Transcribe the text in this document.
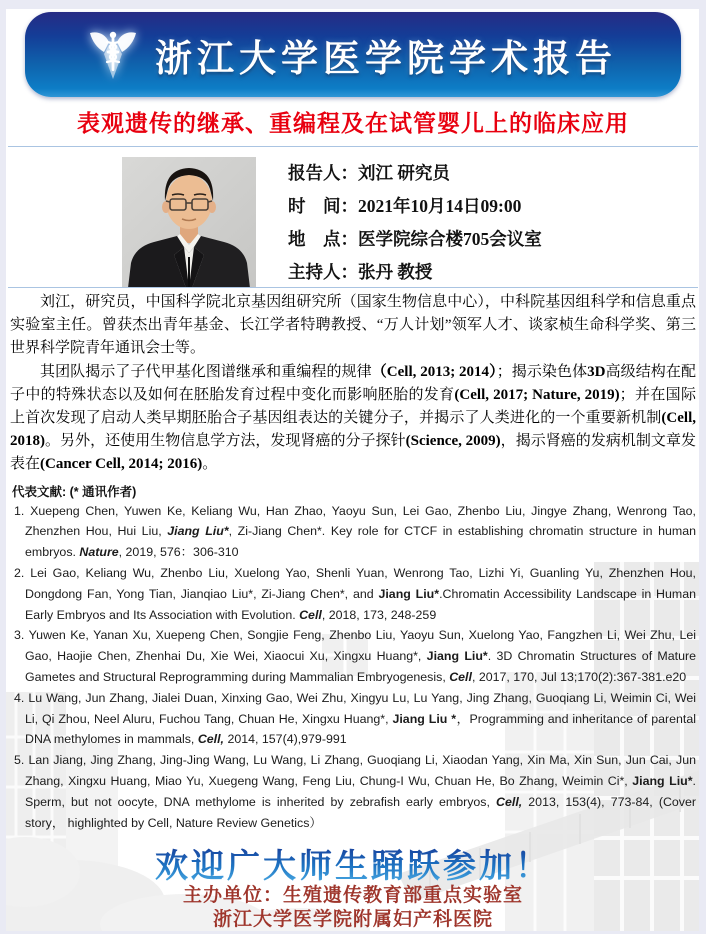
浙江大学医学院学术报告
表观遗传的继承、重编程及在试管婴儿上的临床应用
报告人：刘江 研究员
时　间：2021年10月14日09:00
地　点：医学院综合楼705会议室
主持人：张丹 教授

刘江，研究员，中国科学院北京基因组研究所（国家生物信息中心），中科院基因组科学和信息重点实验室主任。曾获杰出青年基金、长江学者特聘教授、“万人计划”领军人才、谈家桢生命科学奖、第三世界科学院青年通讯会士等。

其团队揭示了子代甲基化图谱继承和重编程的规律（Cell, 2013; 2014）；揭示染色体3D高级结构在配子中的特殊状态以及如何在胚胎发育过程中变化而影响胚胎的发育(Cell, 2017; Nature, 2019)；并在国际上首次发现了启动人类早期胚胎合子基因组表达的关键分子，并揭示了人类进化的一个重要新机制(Cell, 2018)。另外，还使用生物信息学方法，发现肾癌的分子探针(Science, 2009)，揭示肾癌的发病机制文章发表在(Cancer Cell, 2014; 2016)。

代表文献: (* 通讯作者)
1. Xuepeng Chen, Yuwen Ke, Keliang Wu, Han Zhao, Yaoyu Sun, Lei Gao, Zhenbo Liu, Jingye Zhang, Wenrong Tao, Zhenzhen Hou, Hui Liu, Jiang Liu*, Zi-Jiang Chen*. Key role for CTCF in establishing chromatin structure in human embryos. Nature, 2019, 576：306-310
2. Lei Gao, Keliang Wu, Zhenbo Liu, Xuelong Yao, Shenli Yuan, Wenrong Tao, Lizhi Yi, Guanling Yu, Zhenzhen Hou, Dongdong Fan, Yong Tian, Jianqiao Liu*, Zi-Jiang Chen*, and Jiang Liu*.Chromatin Accessibility Landscape in Human Early Embryos and Its Association with Evolution. Cell, 2018, 173, 248-259
3. Yuwen Ke, Yanan Xu, Xuepeng Chen, Songjie Feng, Zhenbo Liu, Yaoyu Sun, Xuelong Yao, Fangzhen Li, Wei Zhu, Lei Gao, Haojie Chen, Zhenhai Du, Xie Wei, Xiaocui Xu, Xingxu Huang*, Jiang Liu*. 3D Chromatin Structures of Mature Gametes and Structural Reprogramming during Mammalian Embryogenesis, Cell, 2017, 170, Jul 13;170(2):367-381.e20
4. Lu Wang, Jun Zhang, Jialei Duan, Xinxing Gao, Wei Zhu, Xingyu Lu, Lu Yang, Jing Zhang, Guoqiang Li, Weimin Ci, Wei Li, Qi Zhou, Neel Aluru, Fuchou Tang, Chuan He, Xingxu Huang*, Jiang Liu *，Programming and inheritance of parental DNA methylomes in mammals, Cell, 2014, 157(4),979-991
5. Lan Jiang, Jing Zhang, Jing-Jing Wang, Lu Wang, Li Zhang, Guoqiang Li, Xiaodan Yang, Xin Ma, Xin Sun, Jun Cai, Jun Zhang, Xingxu Huang, Miao Yu, Xuegeng Wang, Feng Liu, Chung-I Wu, Chuan He, Bo Zhang, Weimin Ci*, Jiang Liu*. Sperm, but not oocyte, DNA methylome is inherited by zebrafish early embryos, Cell, 2013, 153(4), 773-84, (Cover story， highlighted by Cell, Nature Review Genetics）
欢迎广大师生踊跃参加！
主办单位：生殖遗传教育部重点实验室
浙江大学医学院附属妇产科医院
